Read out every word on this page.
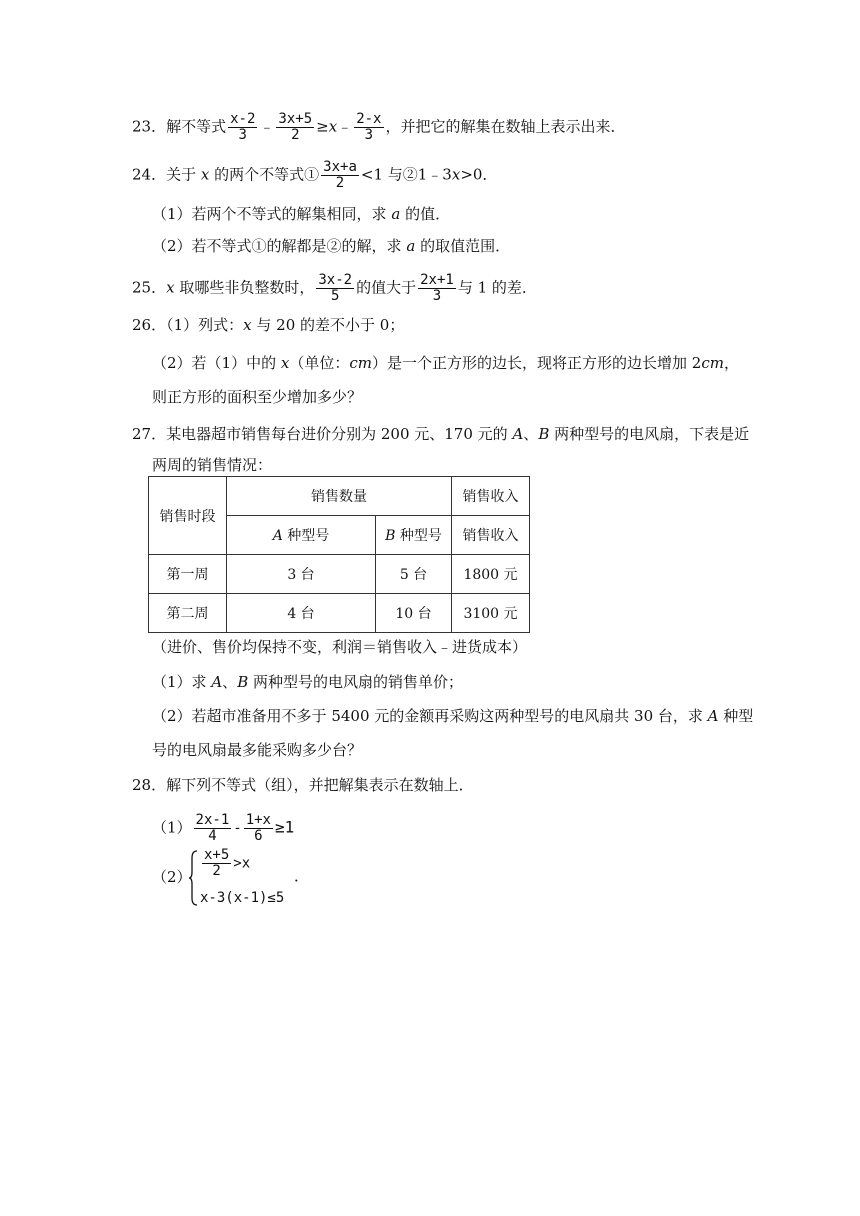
23．解不等式 $\frac{x-2}{3}$ ﹣ $\frac{3x+5}{2}$ ≥x﹣ $\frac{2-x}{3}$ ，并把它的解集在数轴上表示出来．
24．关于 x 的两个不等式① $\frac{3x+a}{2} <1$ 与②1﹣3x>0．
（1）若两个不等式的解集相同，求 a 的值．
（2）若不等式①的解都是②的解，求 a 的取值范围．
25．x 取哪些非负整数时， $\frac{3x-2}{5}$ 的值大于 $\frac{2x+1}{3}$ 与 1 的差．
26．（1）列式：x 与 20 的差不小于 0；
（2）若（1）中的 x（单位：cm）是一个正方形的边长，现将正方形的边长增加 2cm，
则正方形的面积至少增加多少？
27．某电器超市销售每台进价分别为 200 元、170 元的 A、B 两种型号的电风扇，下表是近
两周的销售情况：
销售时段	销售数量		销售收入
	A 种型号	B 种型号	销售收入
第一周	3 台	5 台	1800 元
第二周	4 台	10 台	3100 元
（进价、售价均保持不变，利润＝销售收入﹣进货成本）
（1）求 A、B 两种型号的电风扇的销售单价；
（2）若超市准备用不多于 5400 元的金额再采购这两种型号的电风扇共 30 台，求 A 种型
号的电风扇最多能采购多少台？
28．解下列不等式（组），并把解集表示在数轴上．
$(1) \frac{2x-1}{4} - \frac{1+x}{6} \ge 1$
$(2) \frac{x+5}{2} >x$
x-3(x-1)≤5
．
